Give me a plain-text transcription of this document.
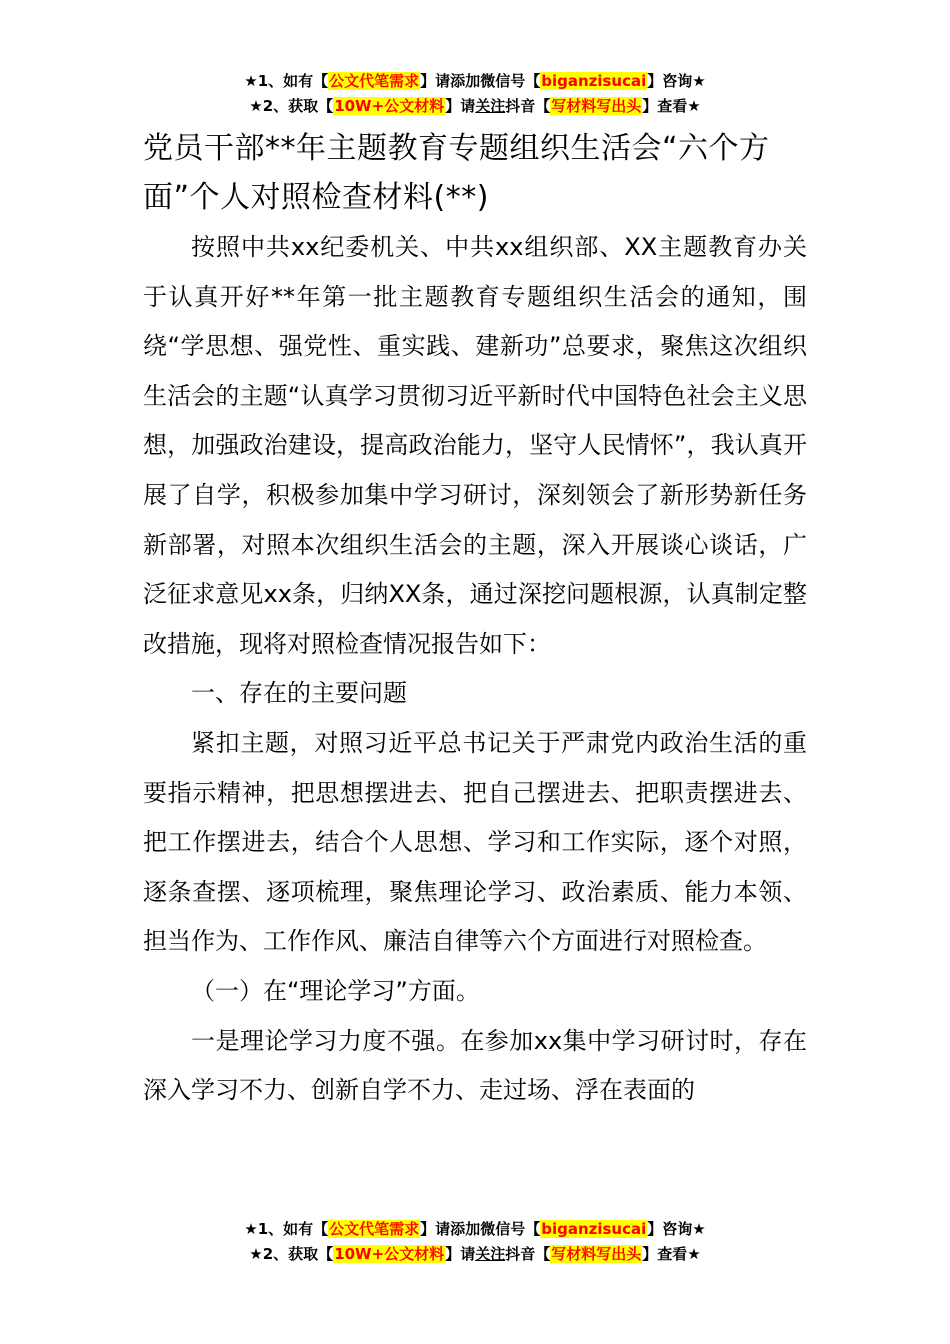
★1、如有【公文代笔需求】请添加微信号【biganzisucai】咨询★
★2、获取【10W+公文材料】请关注抖音【写材料写出头】查看★
党员干部**年主题教育专题组织生活会“六个方面”个人对照检查材料(**)

按照中共xx纪委机关、中共xx组织部、XX主题教育办关于认真开好**年第一批主题教育专题组织生活会的通知，围绕“学思想、强党性、重实践、建新功”总要求，聚焦这次组织生活会的主题“认真学习贯彻习近平新时代中国特色社会主义思想，加强政治建设，提高政治能力，坚守人民情怀”，我认真开展了自学，积极参加集中学习研讨，深刻领会了新形势新任务新部署，对照本次组织生活会的主题，深入开展谈心谈话，广泛征求意见xx条，归纳XX条，通过深挖问题根源，认真制定整改措施，现将对照检查情况报告如下：

一、存在的主要问题

紧扣主题，对照习近平总书记关于严肃党内政治生活的重要指示精神，把思想摆进去、把自己摆进去、把职责摆进去、把工作摆进去，结合个人思想、学习和工作实际，逐个对照，逐条查摆、逐项梳理，聚焦理论学习、政治素质、能力本领、担当作为、工作作风、廉洁自律等六个方面进行对照检查。

（一）在“理论学习”方面。

一是理论学习力度不强。在参加xx集中学习研讨时，存在深入学习不力、创新自学不力、走过场、浮在表面的

★1、如有【公文代笔需求】请添加微信号【biganzisucai】咨询★
★2、获取【10W+公文材料】请关注抖音【写材料写出头】查看★
